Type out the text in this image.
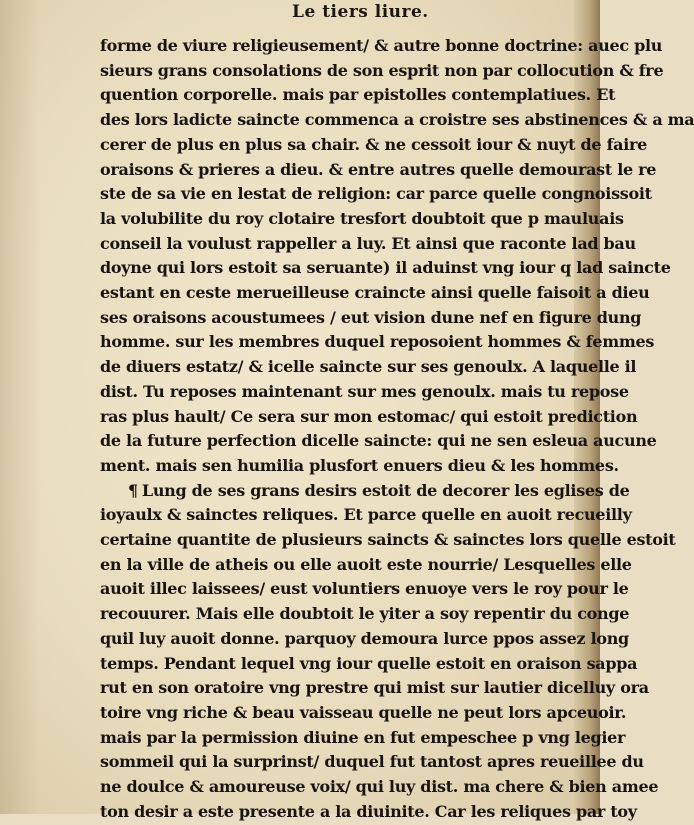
Le tiers liure.
forme de viure religieusement/ & autre bonne doctrine: auec plu
sieurs grans consolations de son esprit non par collocution & fre
quention corporelle. mais par epistolles contemplatiues. Et
des lors ladicte saincte commenca a croistre ses abstinences & a ma
cerer de plus en plus sa chair. & ne cessoit iour & nuyt de faire
oraisons & prieres a dieu. & entre autres quelle demourast le re
ste de sa vie en lestat de religion: car parce quelle congnoissoit
la volubilite du roy clotaire tresfort doubtoit que p mauluais
conseil la voulust rappeller a luy. Et ainsi que raconte lad bau
doyne qui lors estoit sa seruante) il aduinst vng iour q lad saincte
estant en ceste merueilleuse craincte ainsi quelle faisoit a dieu
ses oraisons acoustumees / eut vision dune nef en figure dung
homme. sur les membres duquel reposoient hommes & femmes
de diuers estatz/ & icelle saincte sur ses genoulx. A laquelle il
dist. Tu reposes maintenant sur mes genoulx. mais tu repose
ras plus hault/ Ce sera sur mon estomac/ qui estoit prediction
de la future perfection dicelle saincte: qui ne sen esleua aucune
ment. mais sen humilia plusfort enuers dieu & les hommes.
¶ Lung de ses grans desirs estoit de decorer les eglises de
ioyaulx & sainctes reliques. Et parce quelle en auoit recueilly
certaine quantite de plusieurs saincts & sainctes lors quelle estoit
en la ville de atheis ou elle auoit este nourrie/ Lesquelles elle
auoit illec laissees/ eust voluntiers enuoye vers le roy pour le
recouurer. Mais elle doubtoit le yiter a soy repentir du conge
quil luy auoit donne. parquoy demoura lurce ppos assez long
temps. Pendant lequel vng iour quelle estoit en oraison sappa
rut en son oratoire vng prestre qui mist sur lautier dicelluy ora
toire vng riche & beau vaisseau quelle ne peut lors apceuoir.
mais par la permission diuine en fut empeschee p vng legier
sommeil qui la surprinst/ duquel fut tantost apres reueillee du
ne doulce & amoureuse voix/ qui luy dist. ma chere & bien amee
ton desir a este presente a la diuinite. Car les reliques par toy
